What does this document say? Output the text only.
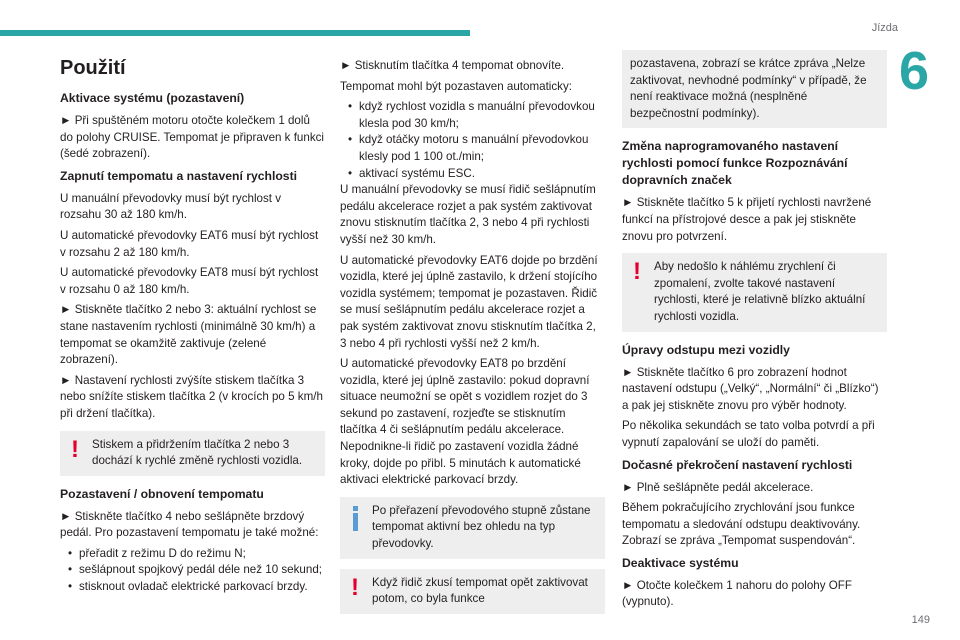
Jízda
6
Použití
Aktivace systému (pozastavení)

► Při spuštěném motoru otočte kolečkem 1 dolů do polohy CRUISE. Tempomat je připraven k funkci (šedé zobrazení).

Zapnutí tempomatu a nastavení rychlosti

U manuální převodovky musí být rychlost v rozsahu 30 až 180 km/h.

U automatické převodovky EAT6 musí být rychlost v rozsahu 2 až 180 km/h.

U automatické převodovky EAT8 musí být rychlost v rozsahu 0 až 180 km/h.

► Stiskněte tlačítko 2 nebo 3: aktuální rychlost se stane nastavením rychlosti (minimálně 30 km/h) a tempomat se okamžitě zaktivuje (zelené zobrazení).

► Nastavení rychlosti zvýšíte stiskem tlačítka 3 nebo snížíte stiskem tlačítka 2 (v krocích po 5 km/h při držení tlačítka).

! Stiskem a přidržením tlačítka 2 nebo 3 dochází k rychlé změně rychlosti vozidla.
Pozastavení / obnovení tempomatu

► Stiskněte tlačítko 4 nebo sešlápněte brzdový pedál. Pro pozastavení tempomatu je také možné:

• přeřadit z režimu D do režimu N;
• sešlápnout spojkový pedál déle než 10 sekund;
• stisknout ovladač elektrické parkovací brzdy.

► Stisknutím tlačítka 4 tempomat obnovíte.

Tempomat mohl být pozastaven automaticky:

• když rychlost vozidla s manuální převodovkou klesla pod 30 km/h;
• když otáčky motoru s manuální převodovkou klesly pod 1 100 ot./min;
• aktivací systému ESC.

U manuální převodovky se musí řidič sešlápnutím pedálu akcelerace rozjet a pak systém zaktivovat znovu stisknutím tlačítka 2, 3 nebo 4 při rychlosti vyšší než 30 km/h.

U automatické převodovky EAT6 dojde po brzdění vozidla, které jej úplně zastavilo, k držení stojícího vozidla systémem; tempomat je pozastaven. Řidič se musí sešlápnutím pedálu akcelerace rozjet a pak systém zaktivovat znovu stisknutím tlačítka 2, 3 nebo 4 při rychlosti vyšší než 2 km/h.

U automatické převodovky EAT8 po brzdění vozidla, které jej úplně zastavilo: pokud dopravní situace neumožní se opět s vozidlem rozjet do 3 sekund po zastavení, rozjeďte se stisknutím tlačítka 4 či sešlápnutím pedálu akcelerace. Nepodnikne-li řidič po zastavení vozidla žádné kroky, dojde po přibl. 5 minutách k automatické aktivaci elektrické parkovací brzdy.

Po přeřazení převodového stupně zůstane tempomat aktivní bez ohledu na typ převodovky.
! Když řidič zkusí tempomat opět zaktivovat potom, co byla funkce
pozastavena, zobrazí se krátce zpráva „Nelze zaktivovat, nevhodné podmínky“ v případě, že není reaktivace možná (nesplněné bezpečnostní podmínky).
Změna naprogramovaného nastavení rychlosti pomocí funkce Rozpoznávání dopravních značek

► Stiskněte tlačítko 5 k přijetí rychlosti navržené funkcí na přístrojové desce a pak jej stiskněte znovu pro potvrzení.

! Aby nedošlo k náhlému zrychlení či zpomalení, zvolte takové nastavení rychlosti, které je relativně blízko aktuální rychlosti vozidla.
Úpravy odstupu mezi vozidly

► Stiskněte tlačítko 6 pro zobrazení hodnot nastavení odstupu („Velký“, „Normální“ či „Blízko“) a pak jej stiskněte znovu pro výběr hodnoty.

Po několika sekundách se tato volba potvrdí a při vypnutí zapalování se uloží do paměti.

Dočasné překročení nastavení rychlosti

► Plně sešlápněte pedál akcelerace.

Během pokračujícího zrychlování jsou funkce tempomatu a sledování odstupu deaktivovány. Zobrazí se zpráva „Tempomat suspendován“.

Deaktivace systému

► Otočte kolečkem 1 nahoru do polohy OFF (vypnuto).

149
